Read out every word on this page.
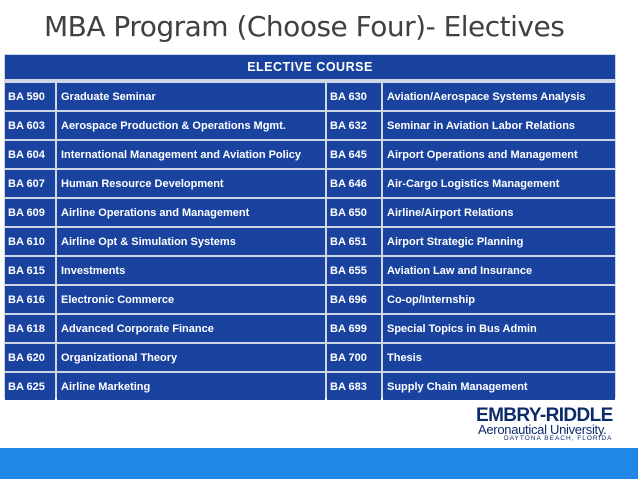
MBA Program (Choose Four)- Electives
ELECTIVE COURSE
BA 590	Graduate Seminar	BA 630	Aviation/Aerospace Systems Analysis
BA 603	Aerospace Production & Operations Mgmt.	BA 632	Seminar in Aviation Labor Relations
BA 604	International Management and Aviation Policy	BA 645	Airport Operations and Management
BA 607	Human Resource Development	BA 646	Air-Cargo Logistics Management
BA 609	Airline Operations and Management	BA 650	Airline/Airport Relations
BA 610	Airline Opt & Simulation Systems	BA 651	Airport Strategic Planning
BA 615	Investments	BA 655	Aviation Law and Insurance
BA 616	Electronic Commerce	BA 696	Co-op/Internship
BA 618	Advanced Corporate Finance	BA 699	Special Topics in Bus Admin
BA 620	Organizational Theory	BA 700	Thesis
BA 625	Airline Marketing	BA 683	Supply Chain Management
EMBRY-RIDDLE
Aeronautical University.
DAYTONA BEACH, FLORIDA
